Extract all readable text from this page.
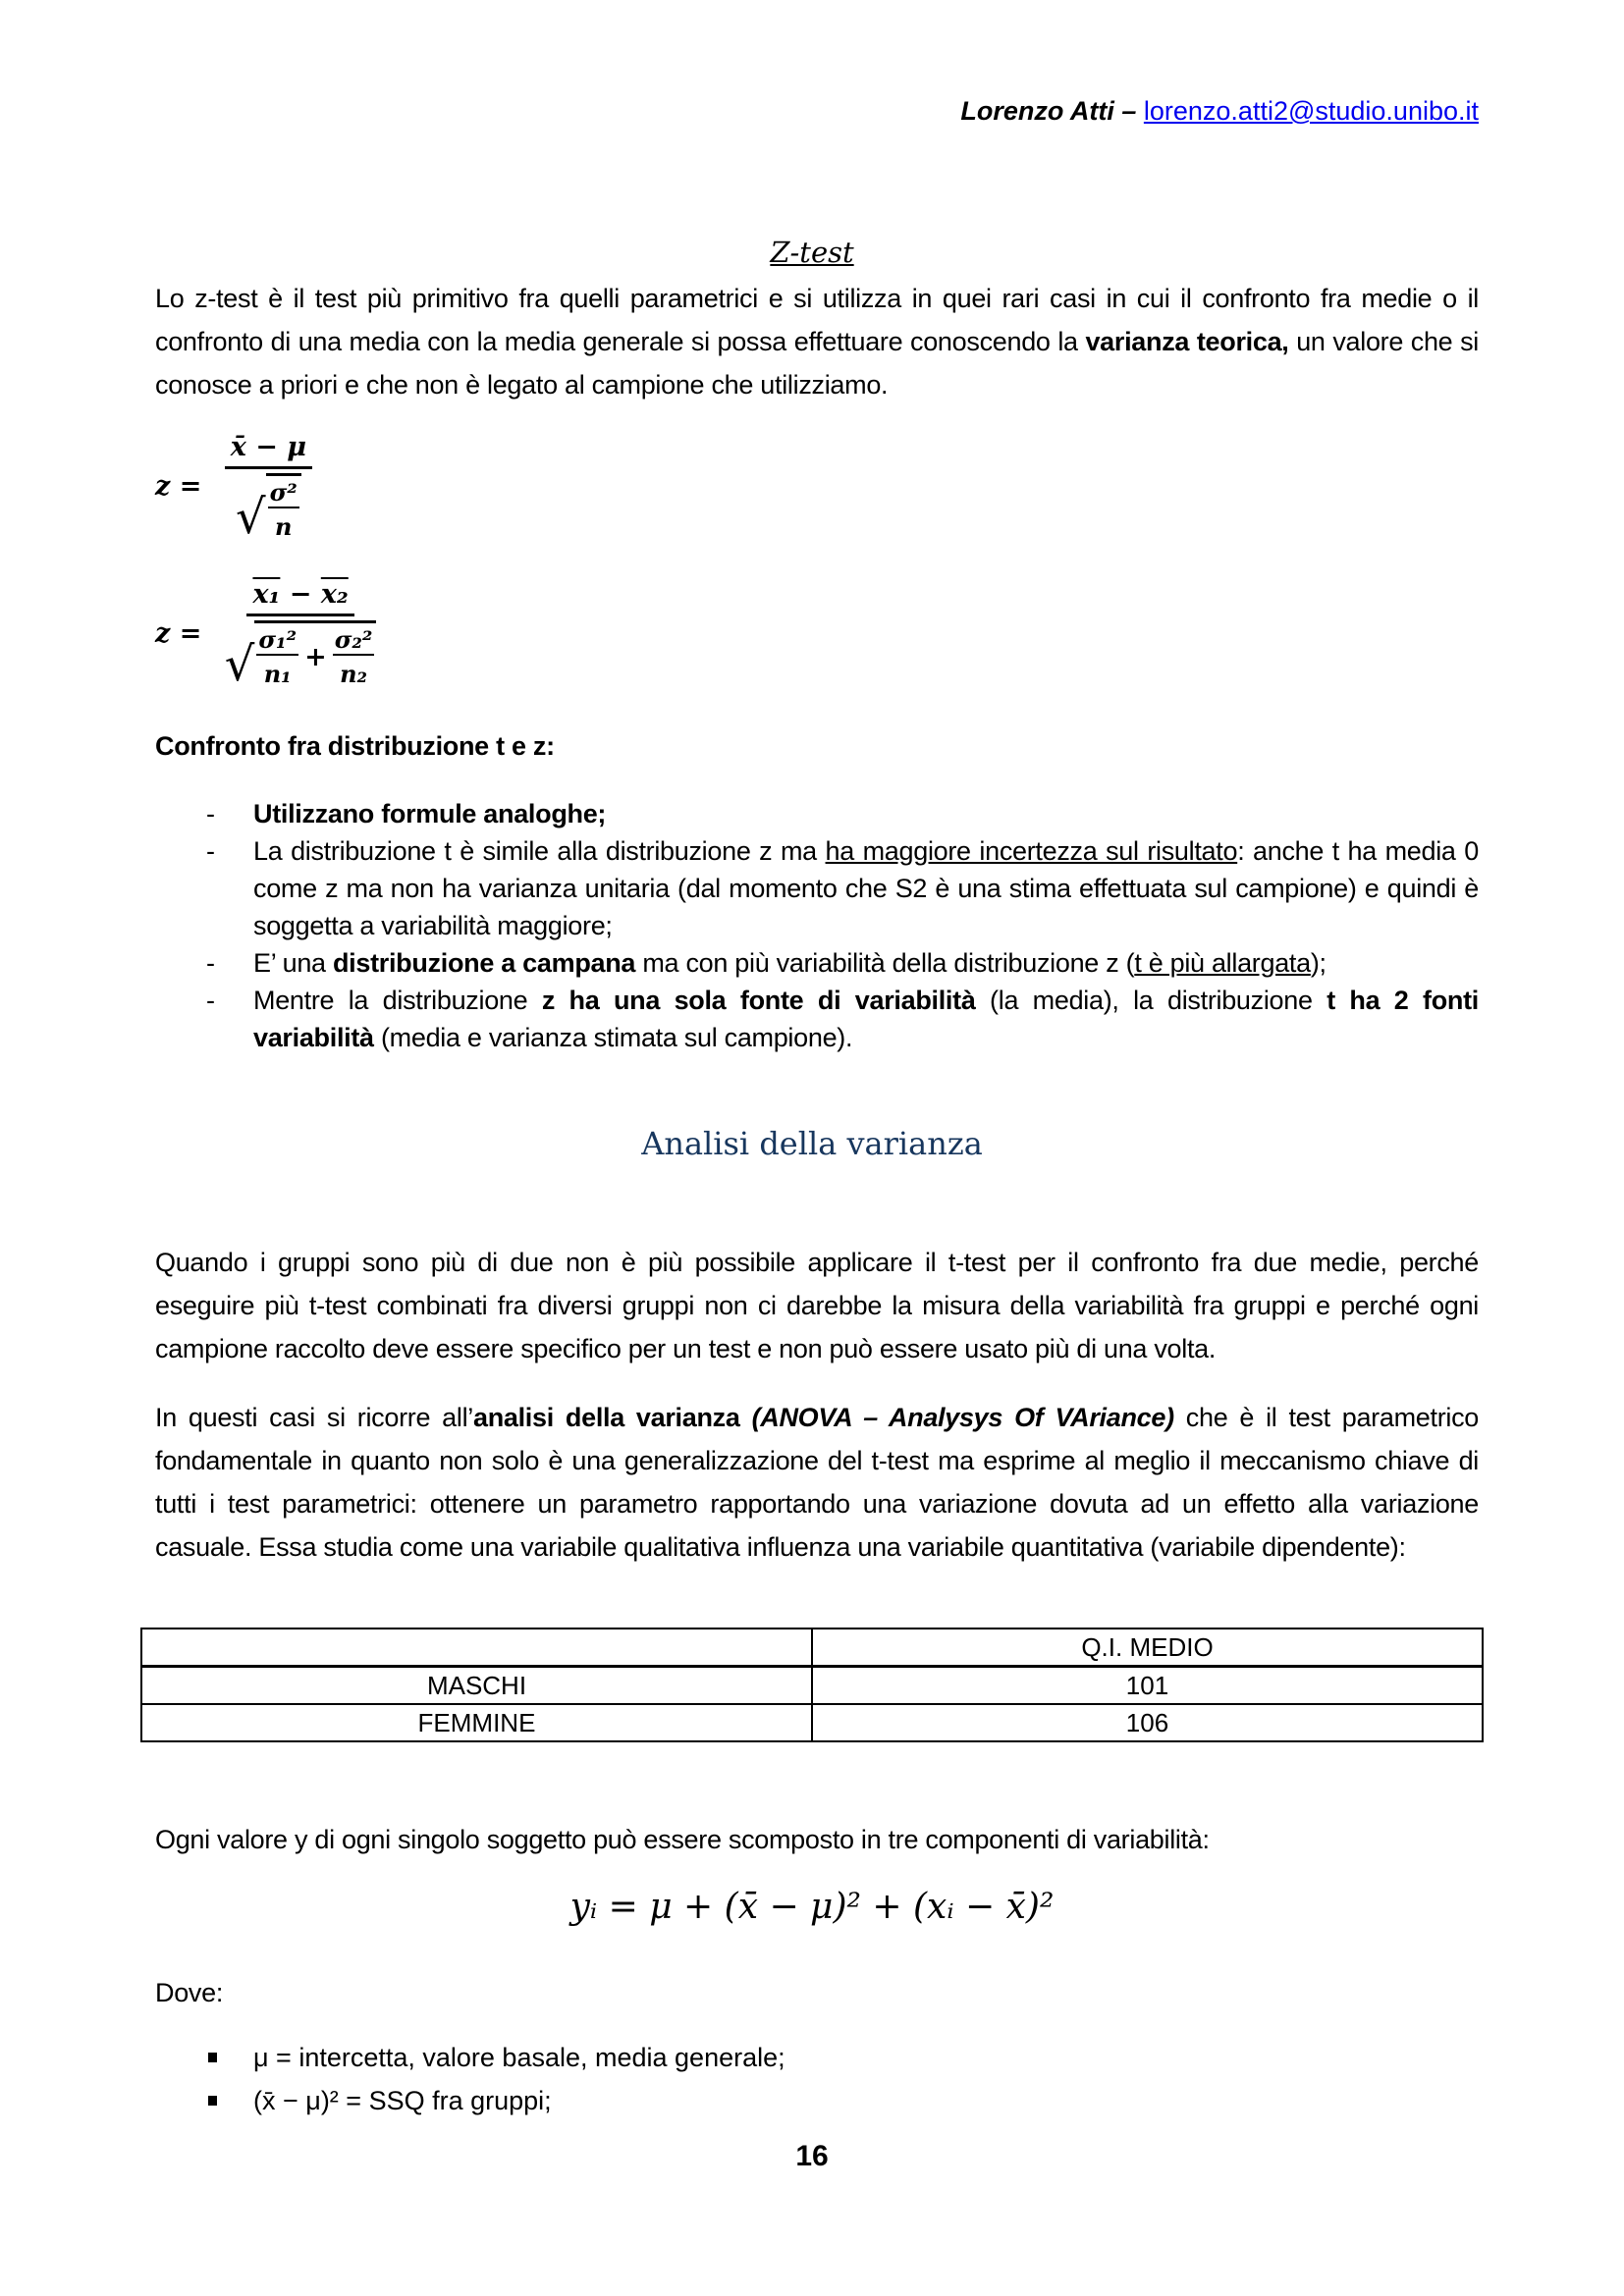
Lorenzo Atti – lorenzo.atti2@studio.unibo.it
Z-test

Lo z-test è il test più primitivo fra quelli parametrici e si utilizza in quei rari casi in cui il confronto fra medie o il confronto di una media con la media generale si possa effettuare conoscendo la varianza teorica, un valore che si conosce a priori e che non è legato al campione che utilizziamo.

$z = \frac{x̄ - \mu}{√ \frac{\text{σ²}}{n}}$
z =
x₁ − x₂
√ $\frac{\text{σ₁²}}{\text{n₁}} + \frac{\text{σ₂²}}{\text{n₂}}$

Confronto fra distribuzione t e z:

- Utilizzano formule analoghe;
- La distribuzione t è simile alla distribuzione z ma ha maggiore incertezza sul risultato: anche t ha media 0 come z ma non ha varianza unitaria (dal momento che S2 è una stima effettuata sul campione) e quindi è soggetta a variabilità maggiore;
- E’ una distribuzione a campana ma con più variabilità della distribuzione z (t è più allargata);
- Mentre la distribuzione z ha una sola fonte di variabilità (la media), la distribuzione t ha 2 fonti variabilità (media e varianza stimata sul campione).
Analisi della varianza

Quando i gruppi sono più di due non è più possibile applicare il t-test per il confronto fra due medie, perché eseguire più t-test combinati fra diversi gruppi non ci darebbe la misura della variabilità fra gruppi e perché ogni campione raccolto deve essere specifico per un test e non può essere usato più di una volta.

In questi casi si ricorre all’analisi della varianza (ANOVA – Analysys Of VAriance) che è il test parametrico fondamentale in quanto non solo è una generalizzazione del t-test ma esprime al meglio il meccanismo chiave di tutti i test parametrici: ottenere un parametro rapportando una variazione dovuta ad un effetto alla variazione casuale. Essa studia come una variabile qualitativa influenza una variabile quantitativa (variabile dipendente):

	Q.I. MEDIO
MASCHI	101
FEMMINE	106

Ogni valore y di ogni singolo soggetto può essere scomposto in tre componenti di variabilità:

yᵢ = μ + (x̄ − μ)² + (xᵢ − x̄)²

Dove:

μ = intercetta, valore basale, media generale;
(x̄ − μ)² = SSQ fra gruppi;
16
